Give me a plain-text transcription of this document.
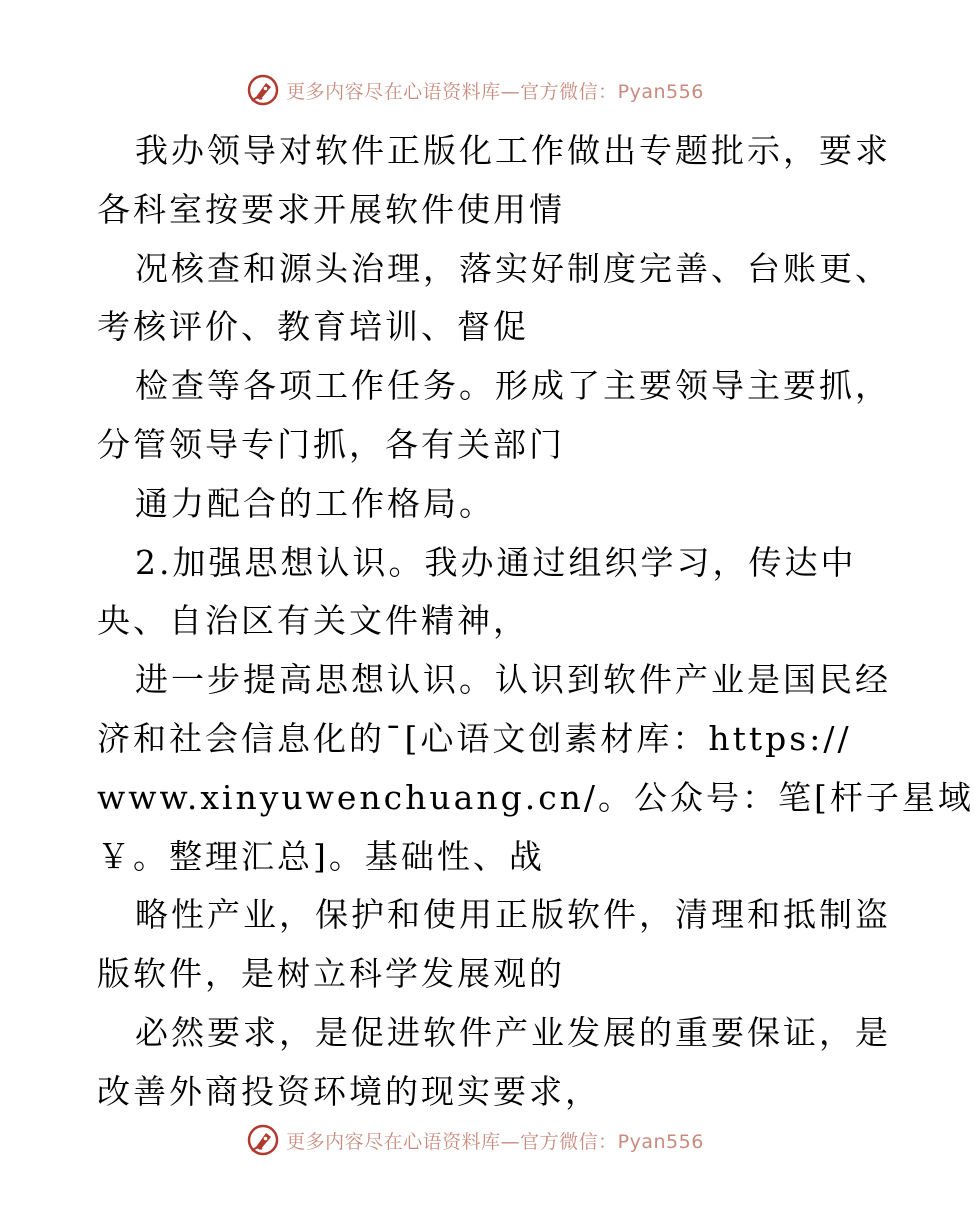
更多内容尽在心语资料库—官方微信：Pyan556
我办领导对软件正版化工作做出专题批示，要求
各科室按要求开展软件使用情
况核查和源头治理，落实好制度完善、台账更、
考核评价、教育培训、督促
检查等各项工作任务。形成了主要领导主要抓，
分管领导专门抓，各有关部门
通力配合的工作格局。
2.加强思想认识。我办通过组织学习，传达中
央、自治区有关文件精神，
进一步提高思想认识。认识到软件产业是国民经
济和社会信息化的¯[心语文创素材库：https://
www.xinyuwenchuang.cn/。公众号：笔[杆子星域
￥。整理汇总]。基础性、战
略性产业，保护和使用正版软件，清理和抵制盗
版软件，是树立科学发展观的
必然要求，是促进软件产业发展的重要保证，是
改善外商投资环境的现实要求，
更多内容尽在心语资料库—官方微信：Pyan556
